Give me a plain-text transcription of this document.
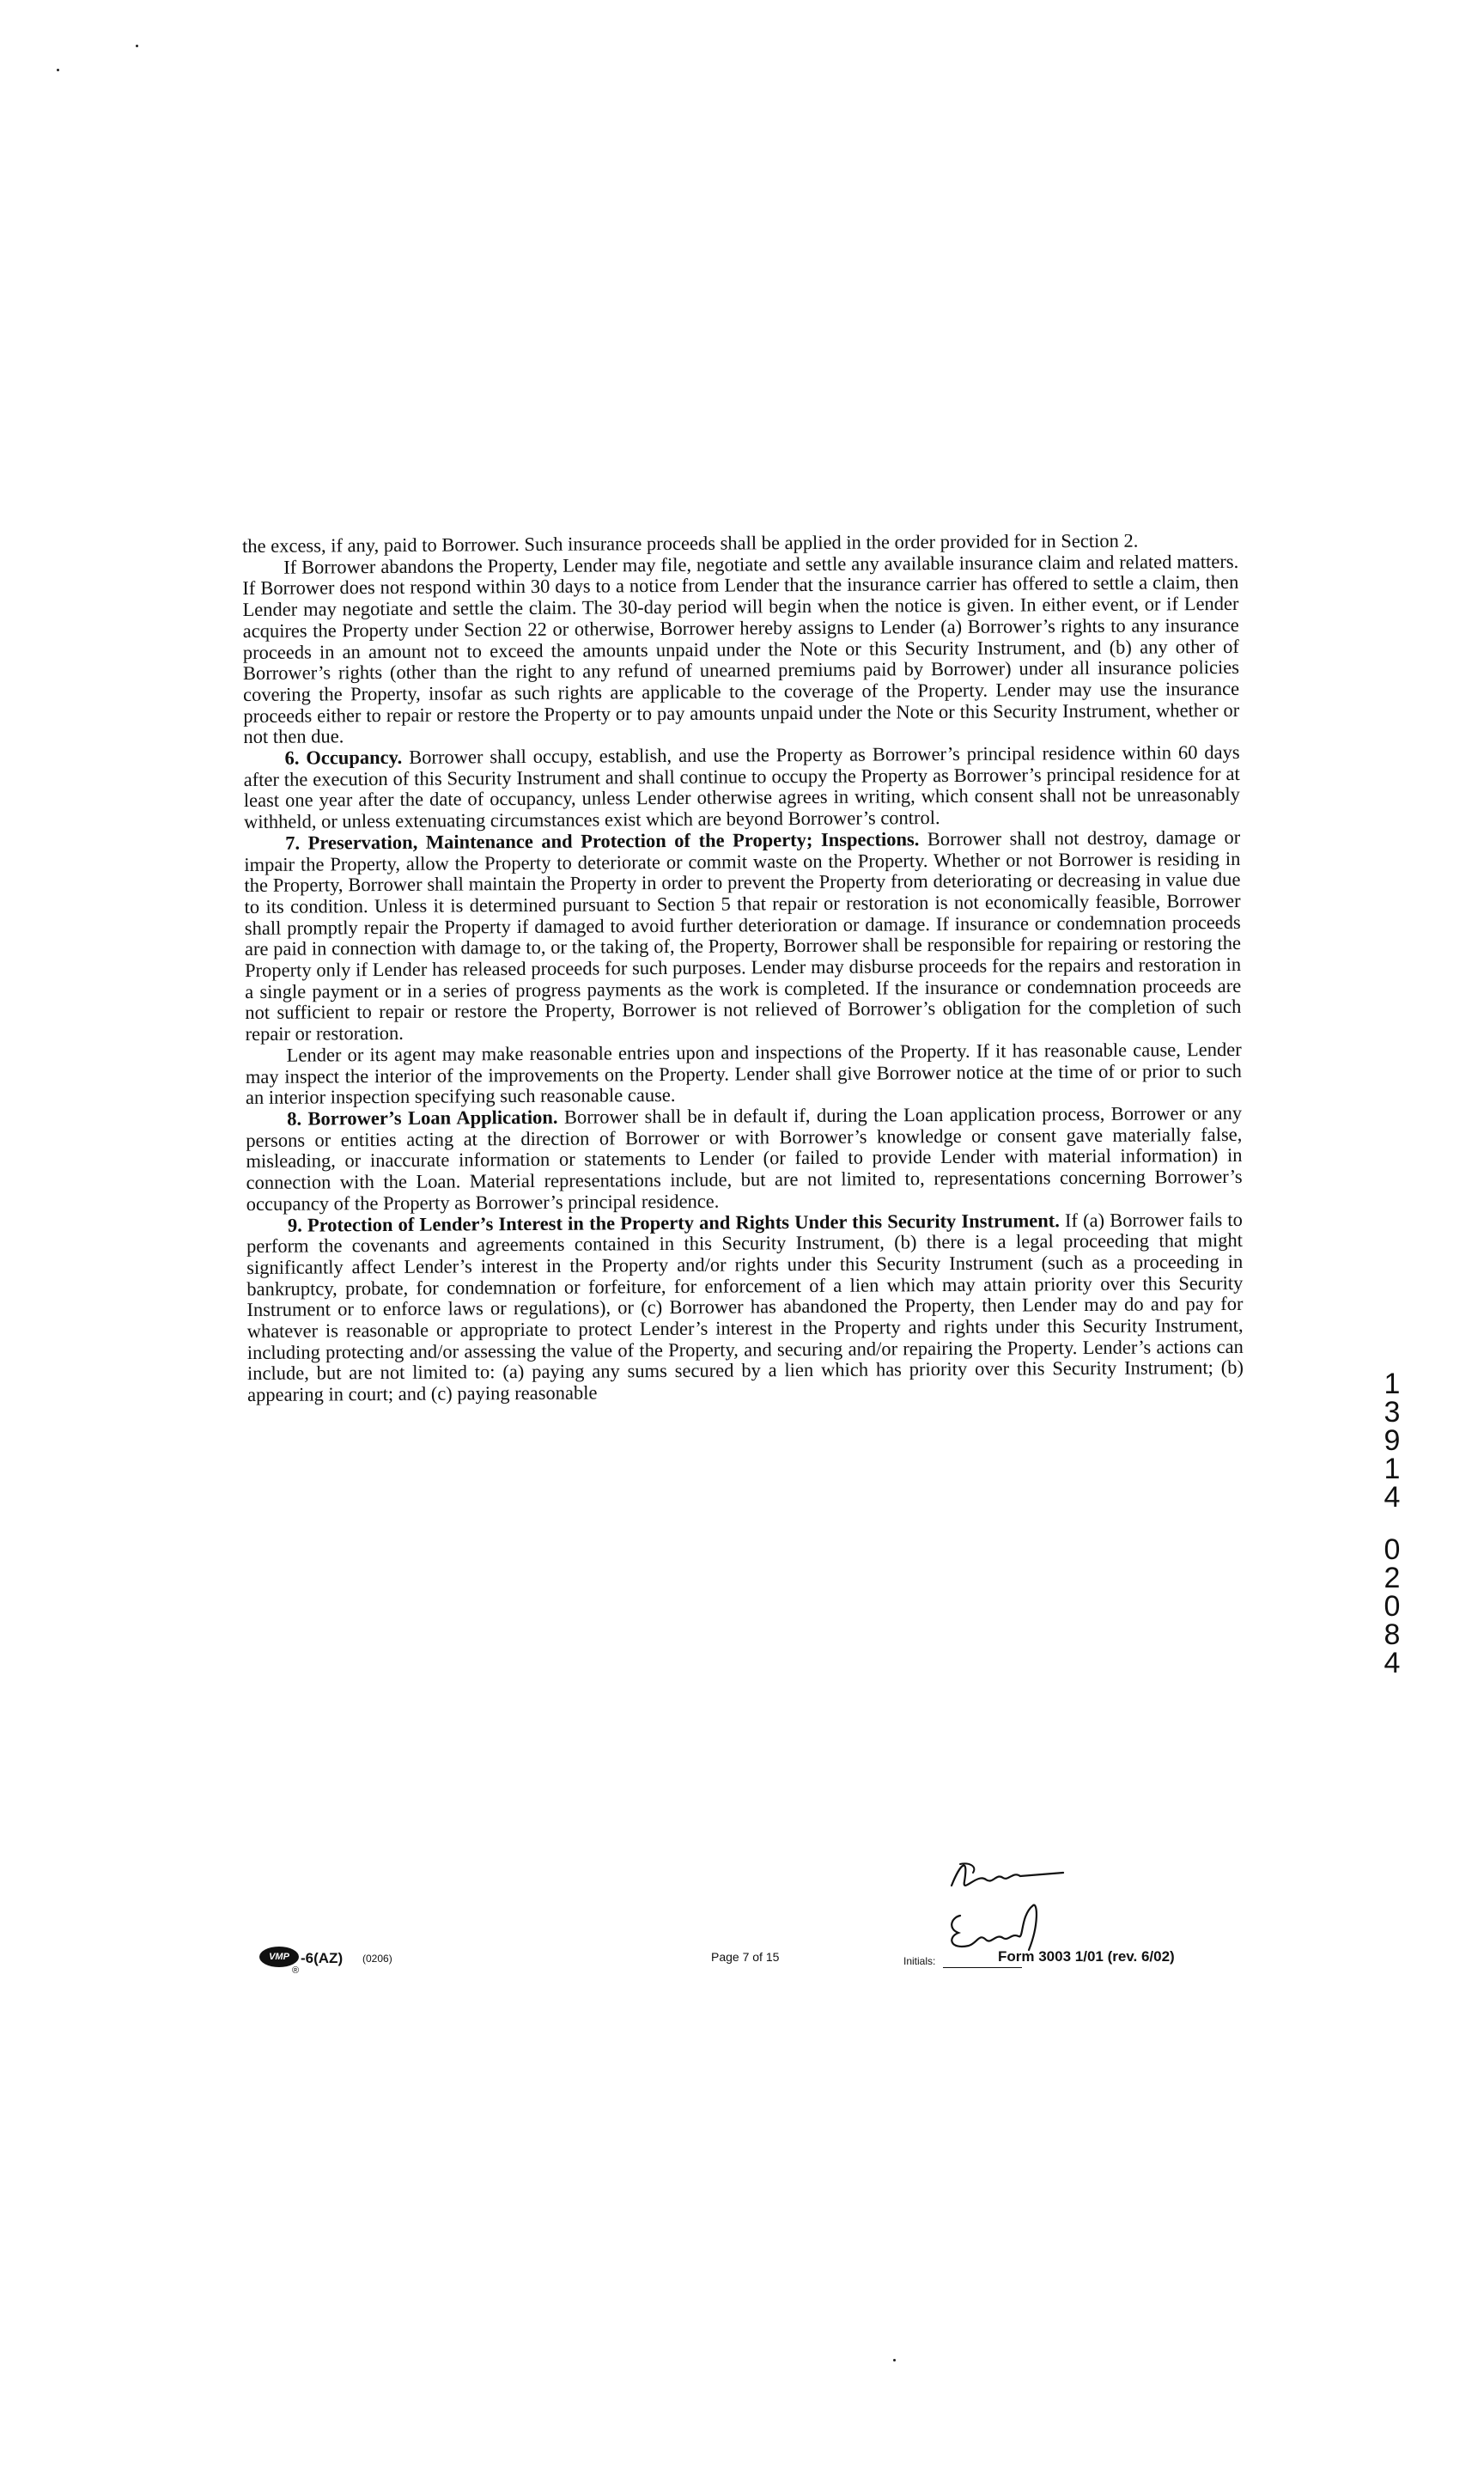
the excess, if any, paid to Borrower. Such insurance proceeds shall be applied in the order provided for in Section 2.

If Borrower abandons the Property, Lender may file, negotiate and settle any available insurance claim and related matters. If Borrower does not respond within 30 days to a notice from Lender that the insurance carrier has offered to settle a claim, then Lender may negotiate and settle the claim. The 30-day period will begin when the notice is given. In either event, or if Lender acquires the Property under Section 22 or otherwise, Borrower hereby assigns to Lender (a) Borrower’s rights to any insurance proceeds in an amount not to exceed the amounts unpaid under the Note or this Security Instrument, and (b) any other of Borrower’s rights (other than the right to any refund of unearned premiums paid by Borrower) under all insurance policies covering the Property, insofar as such rights are applicable to the coverage of the Property. Lender may use the insurance proceeds either to repair or restore the Property or to pay amounts unpaid under the Note or this Security Instrument, whether or not then due.

6. Occupancy. Borrower shall occupy, establish, and use the Property as Borrower’s principal residence within 60 days after the execution of this Security Instrument and shall continue to occupy the Property as Borrower’s principal residence for at least one year after the date of occupancy, unless Lender otherwise agrees in writing, which consent shall not be unreasonably withheld, or unless extenuating circumstances exist which are beyond Borrower’s control.

7. Preservation, Maintenance and Protection of the Property; Inspections. Borrower shall not destroy, damage or impair the Property, allow the Property to deteriorate or commit waste on the Property. Whether or not Borrower is residing in the Property, Borrower shall maintain the Property in order to prevent the Property from deteriorating or decreasing in value due to its condition. Unless it is determined pursuant to Section 5 that repair or restoration is not economically feasible, Borrower shall promptly repair the Property if damaged to avoid further deterioration or damage. If insurance or condemnation proceeds are paid in connection with damage to, or the taking of, the Property, Borrower shall be responsible for repairing or restoring the Property only if Lender has released proceeds for such purposes. Lender may disburse proceeds for the repairs and restoration in a single payment or in a series of progress payments as the work is completed. If the insurance or condemnation proceeds are not sufficient to repair or restore the Property, Borrower is not relieved of Borrower’s obligation for the completion of such repair or restoration.

Lender or its agent may make reasonable entries upon and inspections of the Property. If it has reasonable cause, Lender may inspect the interior of the improvements on the Property. Lender shall give Borrower notice at the time of or prior to such an interior inspection specifying such reasonable cause.

8. Borrower’s Loan Application. Borrower shall be in default if, during the Loan application process, Borrower or any persons or entities acting at the direction of Borrower or with Borrower’s knowledge or consent gave materially false, misleading, or inaccurate information or statements to Lender (or failed to provide Lender with material information) in connection with the Loan. Material representations include, but are not limited to, representations concerning Borrower’s occupancy of the Property as Borrower’s principal residence.

9. Protection of Lender’s Interest in the Property and Rights Under this Security Instrument. If (a) Borrower fails to perform the covenants and agreements contained in this Security Instrument, (b) there is a legal proceeding that might significantly affect Lender’s interest in the Property and/or rights under this Security Instrument (such as a proceeding in bankruptcy, probate, for condemnation or forfeiture, for enforcement of a lien which may attain priority over this Security Instrument or to enforce laws or regulations), or (c) Borrower has abandoned the Property, then Lender may do and pay for whatever is reasonable or appropriate to protect Lender’s interest in the Property and rights under this Security Instrument, including protecting and/or assessing the value of the Property, and securing and/or repairing the Property. Lender’s actions can include, but are not limited to: (a) paying any sums secured by a lien which has priority over this Security Instrument; (b) appearing in court; and (c) paying reasonable	1
3
9
1
4
0
2
0
8
4
VMP
®
-6(AZ) (0206)	Page 7 of 15	Initials:	Form 3003 1/01 (rev. 6/02)
